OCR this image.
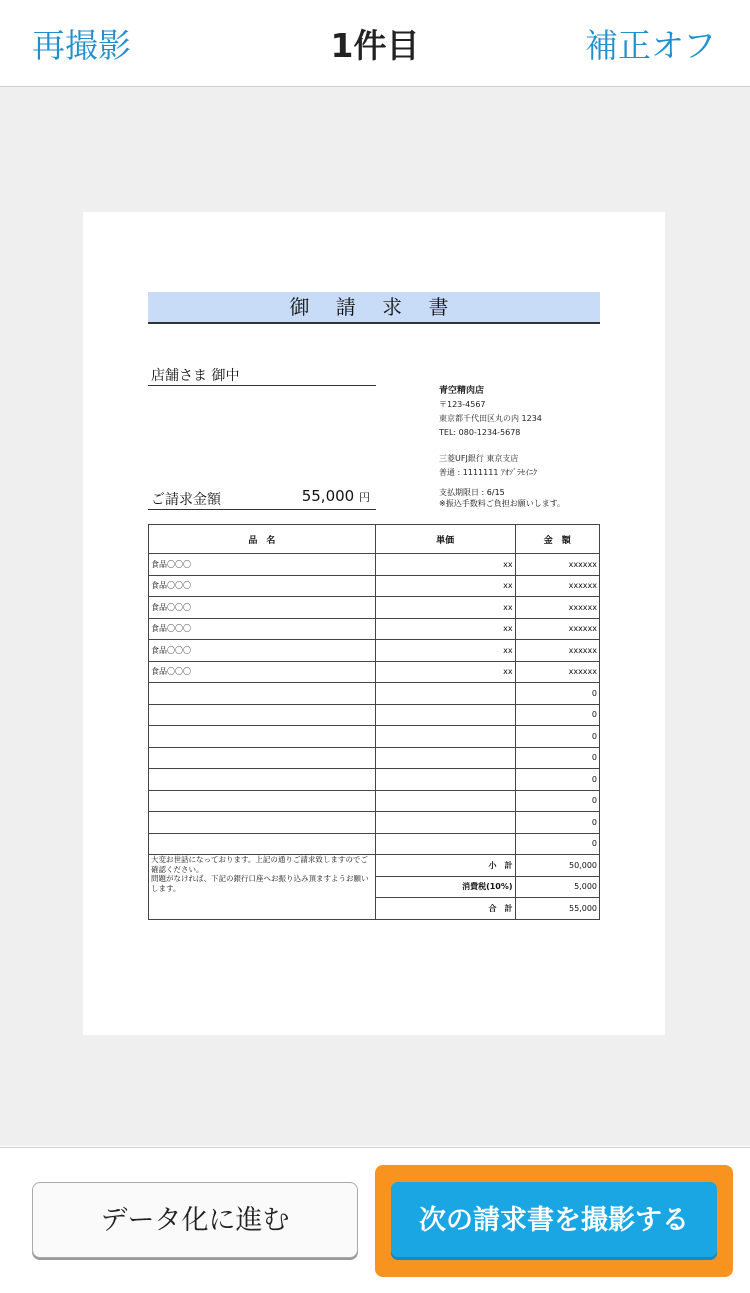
再撮影	1件目	補正オフ
御 請 求 書
店舗さま 御中
青空精肉店
〒123-4567
東京都千代田区丸の内 1234
TEL: 080-1234-5678
三菱UFJ銀行 東京支店
普通 : 1111111 ｱｵｿﾞﾗｾｲﾆｸ
ご請求金額	55,000 円	支払期限日 : 6/15
※振込手数料ご負担お願いします。
品　名	単価	金　額
食品〇〇〇	xx	xxxxxx
食品〇〇〇	xx	xxxxxx
食品〇〇〇	xx	xxxxxx
食品〇〇〇	xx	xxxxxx
食品〇〇〇	xx	xxxxxx
食品〇〇〇	xx	xxxxxx
		0
		0
		0
		0
		0
		0
		0
		0

大変お世話になっております。上記の通りご請求致しますのでご確認ください。
問題がなければ、下記の銀行口座へお振り込み頂ますようお願いします。	小　計	50,000
	消費税(10%)	5,000
	合　計	55,000
データ化に進む	次の請求書を撮影する
